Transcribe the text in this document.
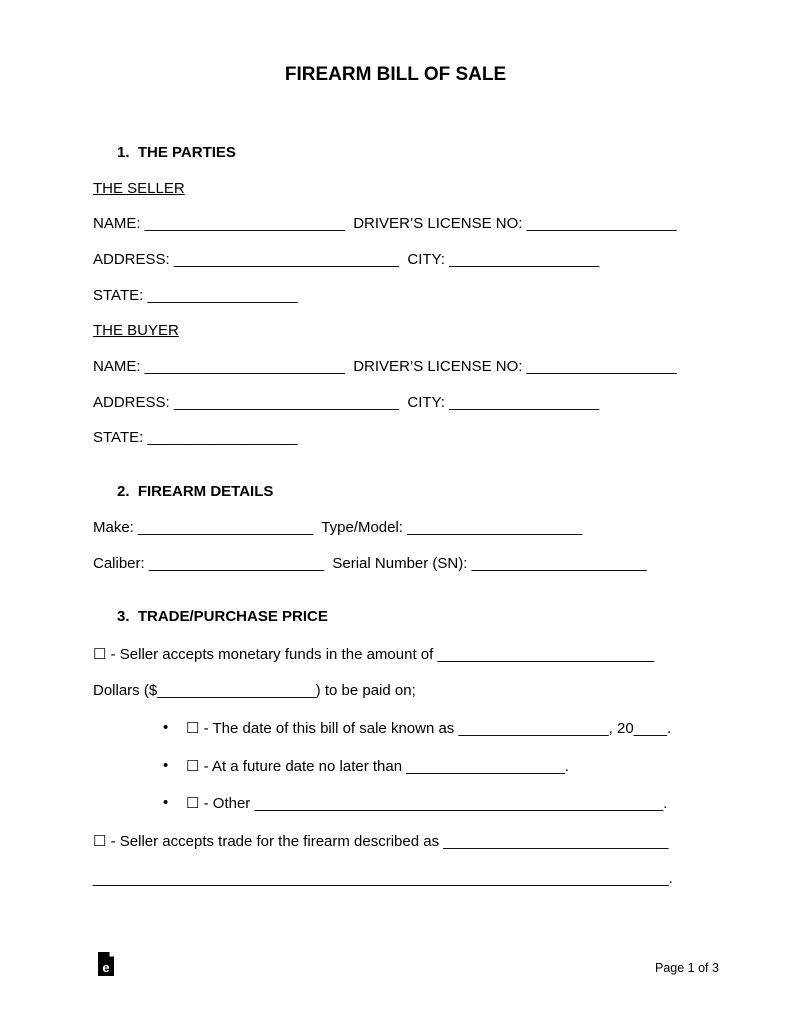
FIREARM BILL OF SALE
1.  THE PARTIES
THE SELLER
NAME: ________________________  DRIVER’S LICENSE NO: __________________
ADDRESS: ___________________________  CITY: __________________
STATE: __________________
THE BUYER
NAME: ________________________  DRIVER’S LICENSE NO: __________________
ADDRESS: ___________________________  CITY: __________________
STATE: __________________
2.  FIREARM DETAILS
Make: _____________________  Type/Model: _____________________
Caliber: _____________________  Serial Number (SN): _____________________
3.  TRADE/PURCHASE PRICE
☐ - Seller accepts monetary funds in the amount of __________________________
Dollars ($___________________) to be paid on;
• ☐ - The date of this bill of sale known as __________________, 20____.
• ☐ - At a future date no later than ___________________.
• ☐ - Other _________________________________________________.
☐ - Seller accepts trade for the firearm described as ___________________________
_____________________________________________________________________.
e	Page 1 of 3
